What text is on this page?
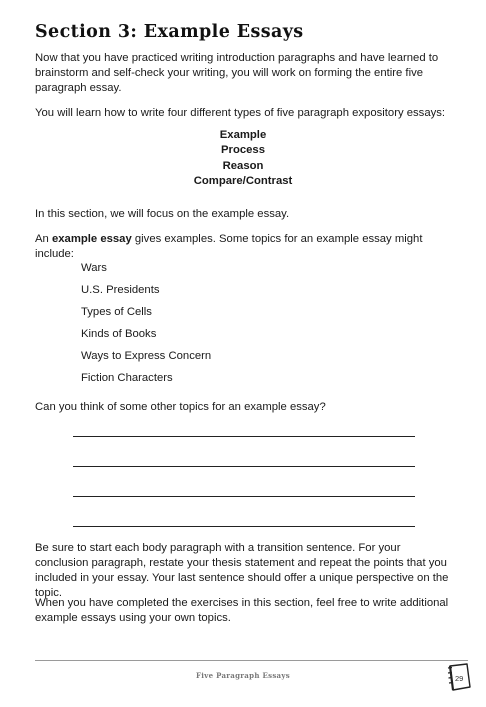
Section 3: Example Essays

Now that you have practiced writing introduction paragraphs and have learned to brainstorm and self-check your writing, you will work on forming the entire five paragraph essay.

You will learn how to write four different types of five paragraph expository essays:

Example
Process
Reason
Compare/Contrast

In this section, we will focus on the example essay.

An example essay gives examples. Some topics for an example essay might include:

Wars
U.S. Presidents
Types of Cells
Kinds of Books
Ways to Express Concern
Fiction Characters

Can you think of some other topics for an example essay?

Be sure to start each body paragraph with a transition sentence. For your conclusion paragraph, restate your thesis statement and repeat the points that you included in your essay. Your last sentence should offer a unique perspective on the topic.

When you have completed the exercises in this section, feel free to write additional example essays using your own topics.

Five Paragraph Essays	29
